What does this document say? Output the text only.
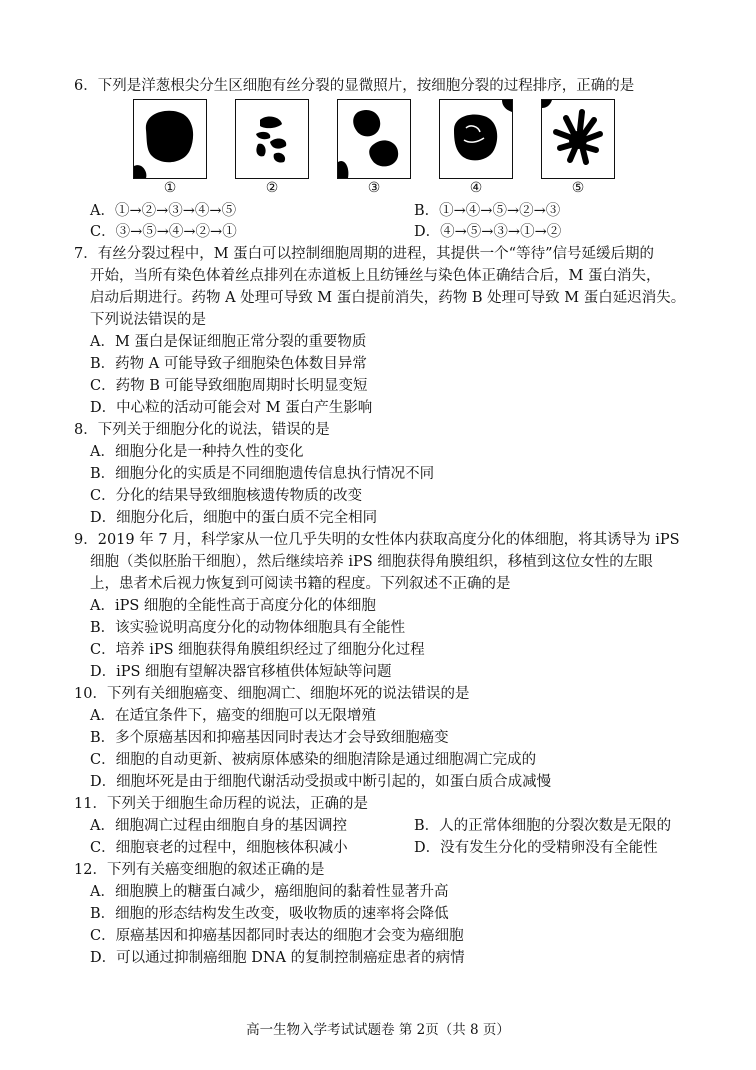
6．下列是洋葱根尖分生区细胞有丝分裂的显微照片，按细胞分裂的过程排序，正确的是
①	②	③	④	⑤
A．①→②→③→④→⑤	B．①→④→⑤→②→③
C．③→⑤→④→②→①	D．④→⑤→③→①→②
7．有丝分裂过程中，M 蛋白可以控制细胞周期的进程，其提供一个“等待”信号延缓后期的
开始，当所有染色体着丝点排列在赤道板上且纺锤丝与染色体正确结合后，M 蛋白消失，
启动后期进行。药物 A 处理可导致 M 蛋白提前消失，药物 B 处理可导致 M 蛋白延迟消失。
下列说法错误的是
A．M 蛋白是保证细胞正常分裂的重要物质
B．药物 A 可能导致子细胞染色体数目异常
C．药物 B 可能导致细胞周期时长明显变短
D．中心粒的活动可能会对 M 蛋白产生影响
8．下列关于细胞分化的说法，错误的是
A．细胞分化是一种持久性的变化
B．细胞分化的实质是不同细胞遗传信息执行情况不同
C．分化的结果导致细胞核遗传物质的改变
D．细胞分化后，细胞中的蛋白质不完全相同
9．2019 年 7 月，科学家从一位几乎失明的女性体内获取高度分化的体细胞，将其诱导为 iPS
细胞（类似胚胎干细胞），然后继续培养 iPS 细胞获得角膜组织，移植到这位女性的左眼
上，患者术后视力恢复到可阅读书籍的程度。下列叙述不正确的是
A．iPS 细胞的全能性高于高度分化的体细胞
B．该实验说明高度分化的动物体细胞具有全能性
C．培养 iPS 细胞获得角膜组织经过了细胞分化过程
D．iPS 细胞有望解决器官移植供体短缺等问题
10．下列有关细胞癌变、细胞凋亡、细胞坏死的说法错误的是
A．在适宜条件下，癌变的细胞可以无限增殖
B．多个原癌基因和抑癌基因同时表达才会导致细胞癌变
C．细胞的自动更新、被病原体感染的细胞清除是通过细胞凋亡完成的
D．细胞坏死是由于细胞代谢活动受损或中断引起的，如蛋白质合成减慢
11．下列关于细胞生命历程的说法，正确的是
A．细胞凋亡过程由细胞自身的基因调控	B．人的正常体细胞的分裂次数是无限的
C．细胞衰老的过程中，细胞核体积减小	D．没有发生分化的受精卵没有全能性
12．下列有关癌变细胞的叙述正确的是
A．细胞膜上的糖蛋白减少，癌细胞间的黏着性显著升高
B．细胞的形态结构发生改变，吸收物质的速率将会降低
C．原癌基因和抑癌基因都同时表达的细胞才会变为癌细胞
D．可以通过抑制癌细胞 DNA 的复制控制癌症患者的病情
高一生物入学考试试题卷 第 2页（共 8 页）
